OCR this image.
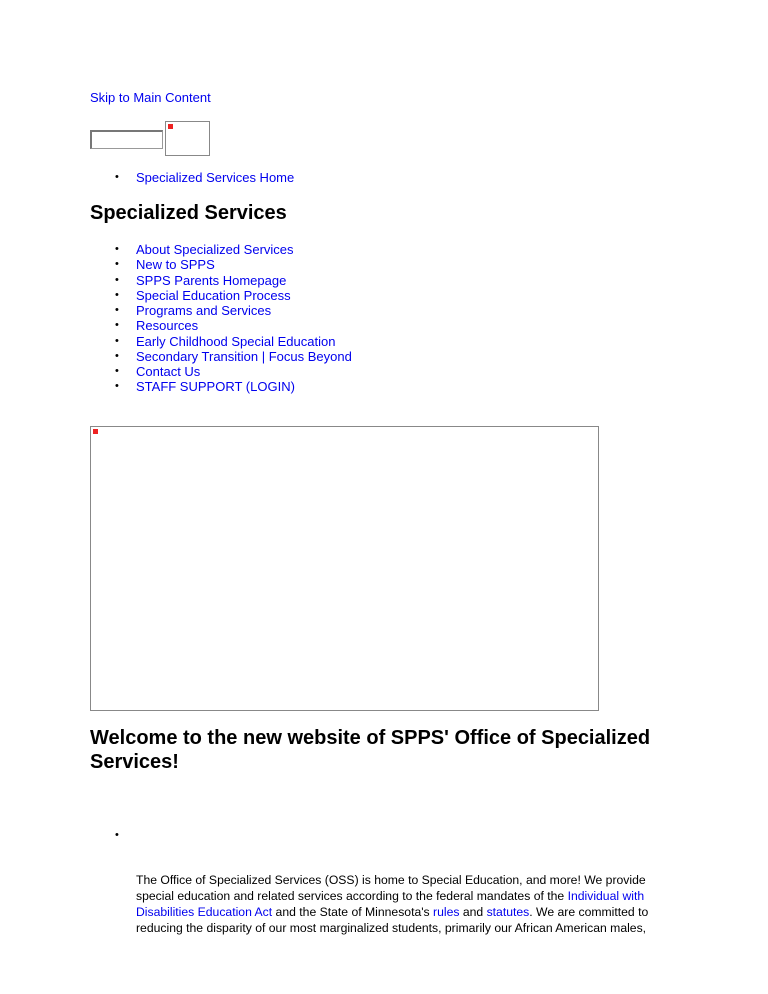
Skip to Main Content
• Specialized Services Home
Specialized Services
• About Specialized Services
• New to SPPS
• SPPS Parents Homepage
• Special Education Process
• Programs and Services
• Resources
• Early Childhood Special Education
• Secondary Transition | Focus Beyond
• Contact Us
• STAFF SUPPORT (LOGIN)
Welcome to the new website of SPPS' Office of Specialized Services!
•

The Office of Specialized Services (OSS) is home to Special Education, and more! We provide special education and related services according to the federal mandates of the Individual with Disabilities Education Act and the State of Minnesota's rules and statutes. We are committed to reducing the disparity of our most marginalized students, primarily our African American males,
